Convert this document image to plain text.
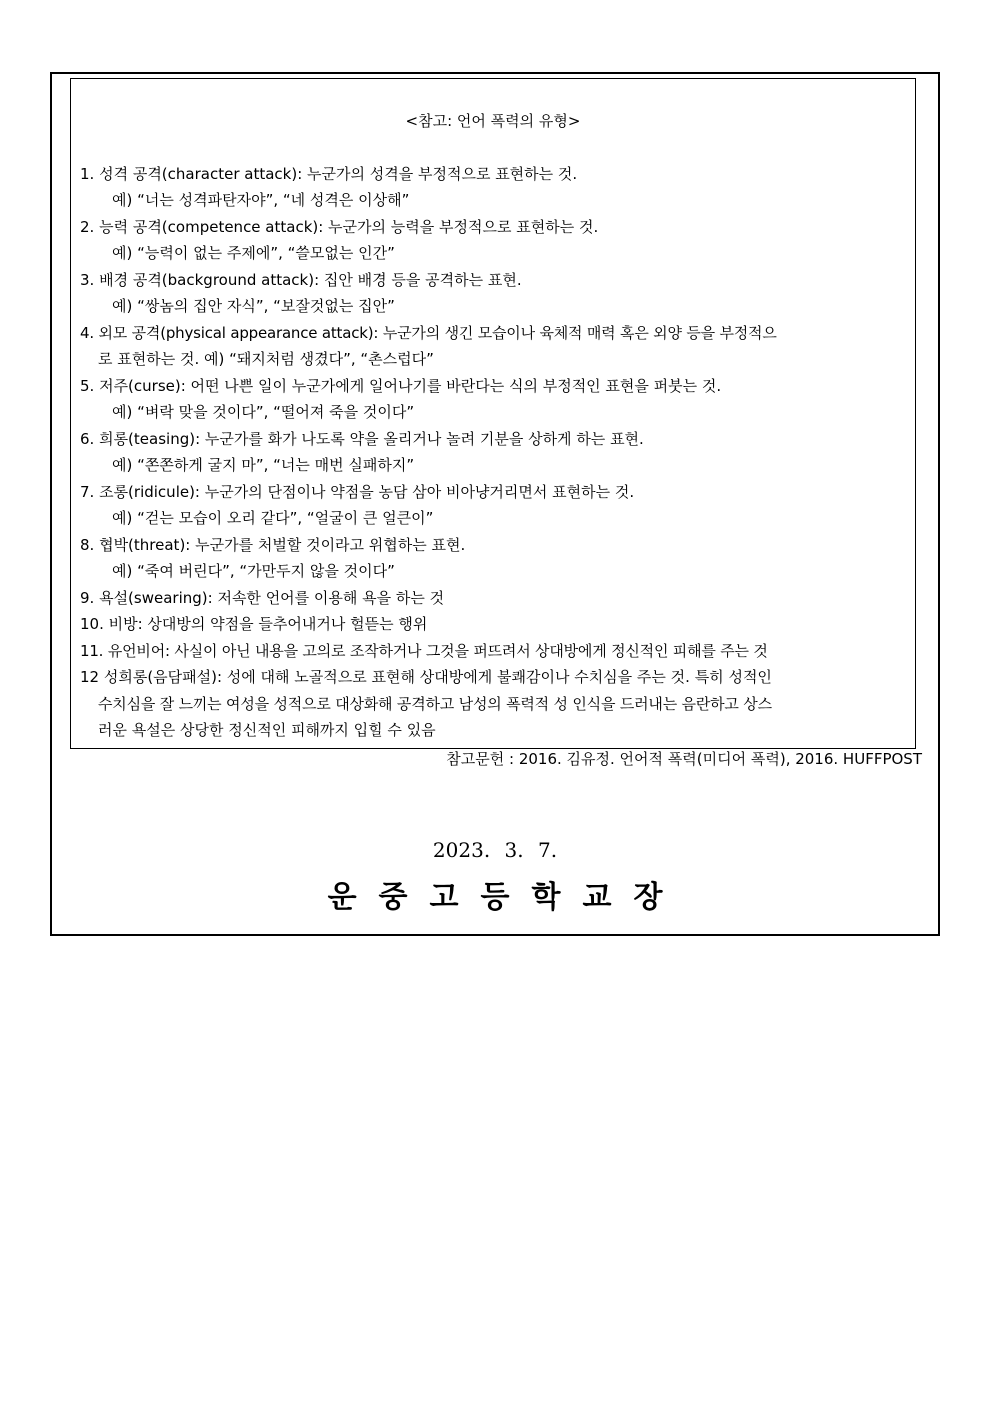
<참고: 언어 폭력의 유형>
1. 성격 공격(character attack): 누군가의 성격을 부정적으로 표현하는 것.
예) “너는 성격파탄자야”, “네 성격은 이상해”
2. 능력 공격(competence attack): 누군가의 능력을 부정적으로 표현하는 것.
예) “능력이 없는 주제에”, “쓸모없는 인간”
3. 배경 공격(background attack): 집안 배경 등을 공격하는 표현.
예) “쌍놈의 집안 자식”, “보잘것없는 집안”
4. 외모 공격(physical appearance attack): 누군가의 생긴 모습이나 육체적 매력 혹은 외양 등을 부정적으
로 표현하는 것. 예) “돼지처럼 생겼다”, “촌스럽다”
5. 저주(curse): 어떤 나쁜 일이 누군가에게 일어나기를 바란다는 식의 부정적인 표현을 퍼붓는 것.
예) “벼락 맞을 것이다”, “떨어져 죽을 것이다”
6. 희롱(teasing): 누군가를 화가 나도록 약을 올리거나 놀려 기분을 상하게 하는 표현.
예) “쫀쫀하게 굴지 마”, “너는 매번 실패하지”
7. 조롱(ridicule): 누군가의 단점이나 약점을 농담 삼아 비아냥거리면서 표현하는 것.
예) “걷는 모습이 오리 같다”, “얼굴이 큰 얼큰이”
8. 협박(threat): 누군가를 처벌할 것이라고 위협하는 표현.
예) “죽여 버린다”, “가만두지 않을 것이다”
9. 욕설(swearing): 저속한 언어를 이용해 욕을 하는 것
10. 비방: 상대방의 약점을 들추어내거나 헐뜯는 행위
11. 유언비어: 사실이 아닌 내용을 고의로 조작하거나 그것을 퍼뜨려서 상대방에게 정신적인 피해를 주는 것
12 성희롱(음담패설): 성에 대해 노골적으로 표현해 상대방에게 불쾌감이나 수치심을 주는 것. 특히 성적인
수치심을 잘 느끼는 여성을 성적으로 대상화해 공격하고 남성의 폭력적 성 인식을 드러내는 음란하고 상스
러운 욕설은 상당한 정신적인 피해까지 입힐 수 있음
참고문헌 : 2016. 김유정. 언어적 폭력(미디어 폭력), 2016. HUFFPOST
2023. 3. 7.
운중고등학교장
